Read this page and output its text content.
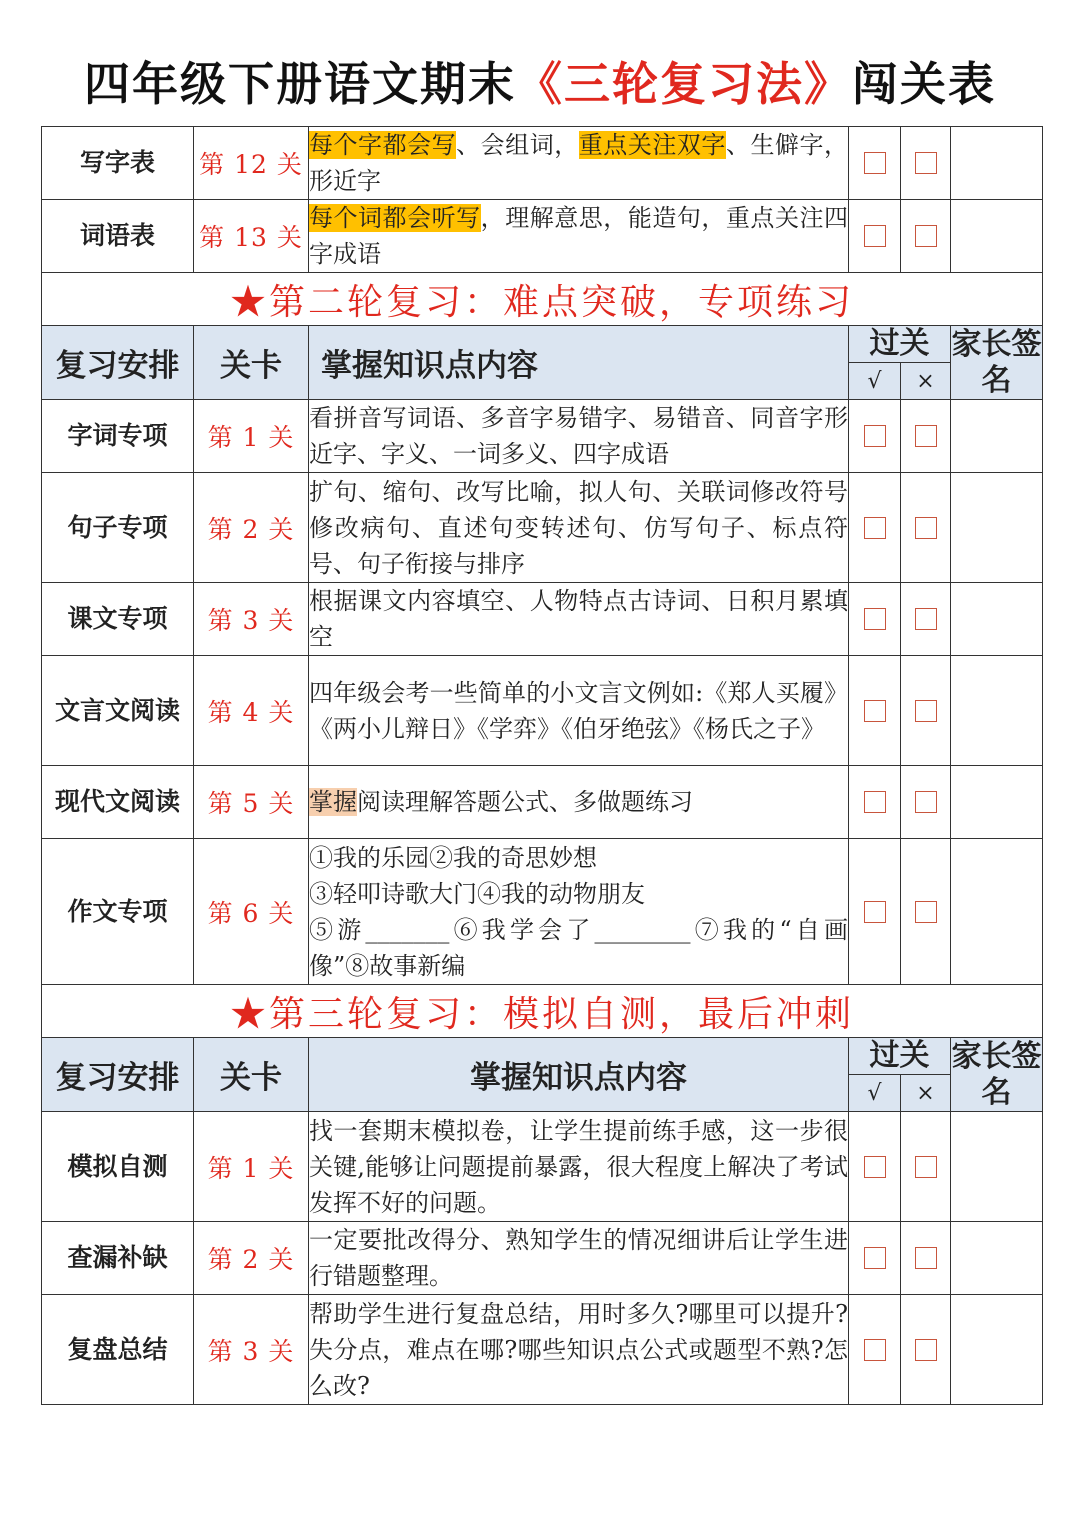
四年级下册语文期末《三轮复习法》闯关表
写字表	第 12 关	每个字都会写、会组词，重点关注双字、生僻字，形近字			
词语表	第 13 关	每个词都会听写，理解意思，能造句，重点关注四字成语			
★第二轮复习：难点突破，专项练习					
复习安排	关卡	掌握知识点内容	过关		家长签名
			√	×	
字词专项	第 1 关	看拼音写词语、多音字易错字、易错音、同音字形近字、字义、一词多义、四字成语			
句子专项	第 2 关	扩句、缩句、改写比喻，拟人句、关联词修改符号修改病句、直述句变转述句、仿写句子、标点符号、句子衔接与排序			
课文专项	第 3 关	根据课文内容填空、人物特点古诗词、日积月累填空			
文言文阅读	第 4 关	四年级会考一些简单的小文言文例如:《郑人买履》《两小儿辩日》《学弈》《伯牙绝弦》《杨氏之子》			
现代文阅读	第 5 关	掌握阅读理解答题公式、多做题练习			
作文专项	第 6 关	①我的乐园②我的奇思妙想
③轻叩诗歌大门④我的动物朋友
⑤游_______⑥我学会了________⑦我的“自画像”⑧故事新编			
★第三轮复习：模拟自测，最后冲刺					
复习安排	关卡	掌握知识点内容	过关		家长签名
			√	×	
模拟自测	第 1 关	找一套期末模拟卷，让学生提前练手感，这一步很关键,能够让问题提前暴露，很大程度上解决了考试发挥不好的问题。			
查漏补缺	第 2 关	一定要批改得分、熟知学生的情况细讲后让学生进行错题整理。			
复盘总结	第 3 关	帮助学生进行复盘总结，用时多久?哪里可以提升?失分点，难点在哪?哪些知识点公式或题型不熟?怎么改?			
